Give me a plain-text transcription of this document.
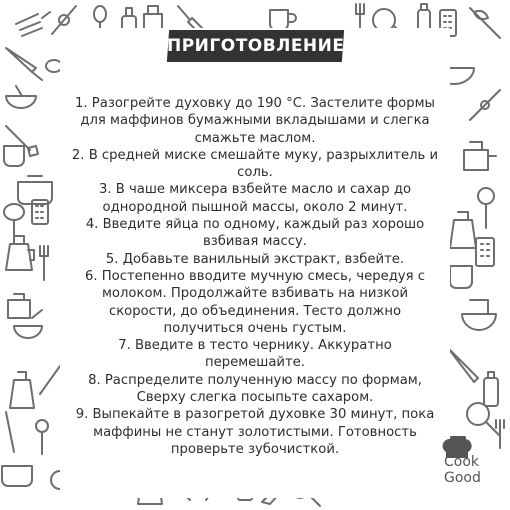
ПРИГОТОВЛЕНИЕ
1. Разогрейте духовку до 190 °С. Застелите формы для маффинов бумажными вкладышами и слегка смажьте маслом.
2. В средней миске смешайте муку, разрыхлитель и соль.
3. В чаше миксера взбейте масло и сахар до однородной пышной массы, около 2 минут.
4. Введите яйца по одному, каждый раз хорошо взбивая массу.
5. Добавьте ванильный экстракт, взбейте.
6. Постепенно вводите мучную смесь, чередуя с молоком. Продолжайте взбивать на низкой скорости, до объединения. Тесто должно получиться очень густым.
7. Введите в тесто чернику. Аккуратно перемешайте.
8. Распределите полученную массу по формам, Сверху слегка посыпьте сахаром.
9. Выпекайте в разогретой духовке 30 минут, пока маффины не станут золотистыми. Готовность проверьте зубочисткой.
Cook
Good
